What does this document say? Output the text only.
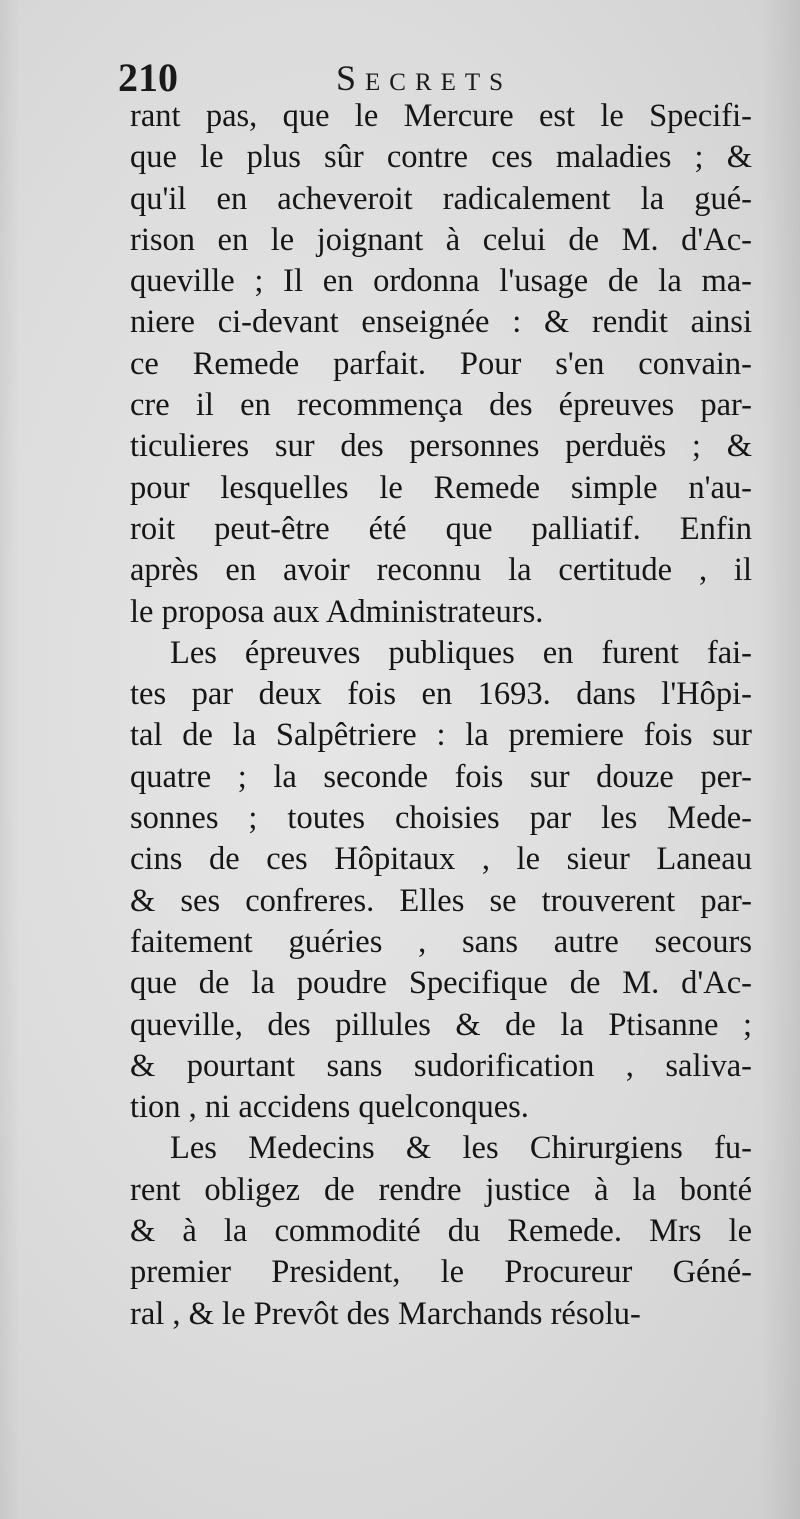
210	Secrets
rant pas, que le Mercure est le Specifi-
que le plus sûr contre ces maladies ; &
qu'il en acheveroit radicalement la gué-
rison en le joignant à celui de M. d'Ac-
queville ; Il en ordonna l'usage de la ma-
niere ci-devant enseignée : & rendit ainsi
ce Remede parfait. Pour s'en convain-
cre il en recommença des épreuves par-
ticulieres sur des personnes perduës ; &
pour lesquelles le Remede simple n'au-
roit peut-être été que palliatif. Enfin
après en avoir reconnu la certitude , il
le proposa aux Administrateurs.
Les épreuves publiques en furent fai-
tes par deux fois en 1693. dans l'Hôpi-
tal de la Salpêtriere : la premiere fois sur
quatre ; la seconde fois sur douze per-
sonnes ; toutes choisies par les Mede-
cins de ces Hôpitaux , le sieur Laneau
& ses confreres. Elles se trouverent par-
faitement guéries , sans autre secours
que de la poudre Specifique de M. d'Ac-
queville, des pillules & de la Ptisanne ;
& pourtant sans sudorification , saliva-
tion , ni accidens quelconques.
Les Medecins & les Chirurgiens fu-
rent obligez de rendre justice à la bonté
& à la commodité du Remede. Mrs le
premier President, le Procureur Géné-
ral , & le Prevôt des Marchands résolu-
